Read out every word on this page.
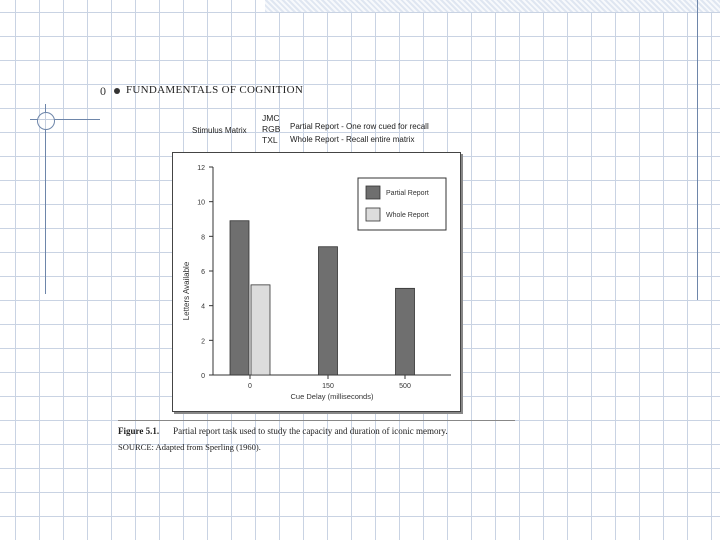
0 FUNDAMENTALS OF COGNITION
Stimulus Matrix
JMC
RGB
TXL
Partial Report - One row cued for recall
Whole Report - Recall entire matrix
0
2
4
6
8
10
12
Letters Available
0	150	500
Cue Delay (milliseconds)
Partial Report
Whole Report
Figure 5.1. Partial report task used to study the capacity and duration of iconic memory.
SOURCE: Adapted from Sperling (1960).
